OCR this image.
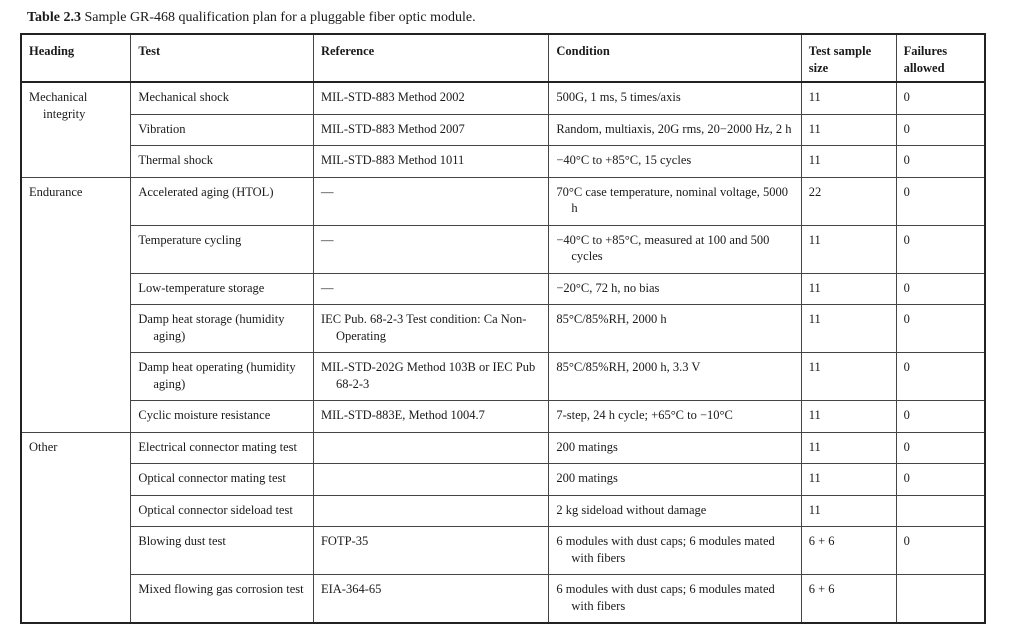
Table 2.3 Sample GR-468 qualification plan for a pluggable fiber optic module.
Heading	Test	Reference	Condition	Test sample size	Failures allowed

Mechanical
integrity	Mechanical shock	MIL-STD-883 Method 2002	500G, 1 ms, 5 times/axis	11	0

	Vibration	MIL-STD-883 Method 2007	Random, multiaxis, 20G rms, 20−2000 Hz, 2 h	11	0

	Thermal shock	MIL-STD-883 Method 1011	−40°C to +85°C, 15 cycles	11	0
Endurance	Accelerated aging (HTOL)	—	70°C case temperature, nominal voltage, 5000 h	22	0

	Temperature cycling	—	−40°C to +85°C, measured at 100 and 500 cycles	11	0

	Low-temperature storage	—	−20°C, 72 h, no bias	11	0

	Damp heat storage (humidity aging)	IEC Pub. 68-2-3 Test condition: Ca Non-Operating	85°C/85%RH, 2000 h	11	0

	Damp heat operating (humidity aging)	MIL-STD-202G Method 103B or IEC Pub 68-2-3	85°C/85%RH, 2000 h, 3.3 V	11	0

	Cyclic moisture resistance	MIL-STD-883E, Method 1004.7	7-step, 24 h cycle; +65°C to −10°C	11	0
Other	Electrical connector mating test		200 matings	11	0

	Optical connector mating test		200 matings	11	0

	Optical connector sideload test		2 kg sideload without damage	11	

	Blowing dust test	FOTP-35	6 modules with dust caps; 6 modules mated with fibers	6 + 6	0

	Mixed flowing gas corrosion test	EIA-364-65	6 modules with dust caps; 6 modules mated with fibers	6 + 6	
